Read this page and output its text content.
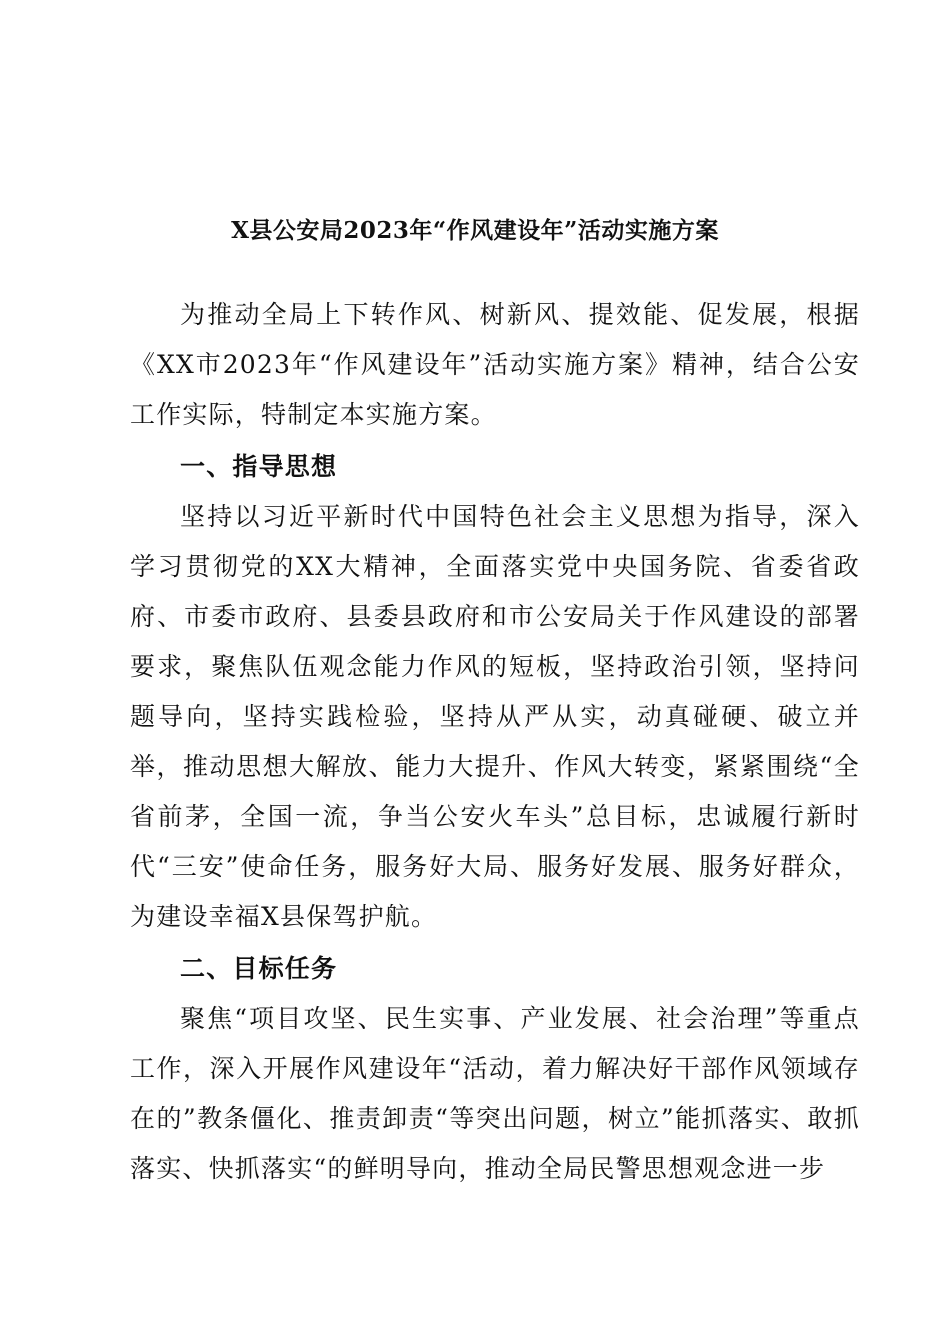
X县公安局2023年“作风建设年”活动实施方案

为推动全局上下转作风、树新风、提效能、促发展，根据《XX市2023年“作风建设年”活动实施方案》精神，结合公安工作实际，特制定本实施方案。

一、指导思想

坚持以习近平新时代中国特色社会主义思想为指导，深入学习贯彻党的XX大精神，全面落实党中央国务院、省委省政府、市委市政府、县委县政府和市公安局关于作风建设的部署要求，聚焦队伍观念能力作风的短板，坚持政治引领，坚持问题导向，坚持实践检验，坚持从严从实，动真碰硬、破立并举，推动思想大解放、能力大提升、作风大转变，紧紧围绕“全省前茅，全国一流，争当公安火车头”总目标，忠诚履行新时代“三安”使命任务，服务好大局、服务好发展、服务好群众，为建设幸福X县保驾护航。

二、目标任务

聚焦“项目攻坚、民生实事、产业发展、社会治理”等重点工作，深入开展作风建设年“活动，着力解决好干部作风领域存在的”教条僵化、推责卸责“等突出问题，树立”能抓落实、敢抓落实、快抓落实“的鲜明导向，推动全局民警思想观念进一步
